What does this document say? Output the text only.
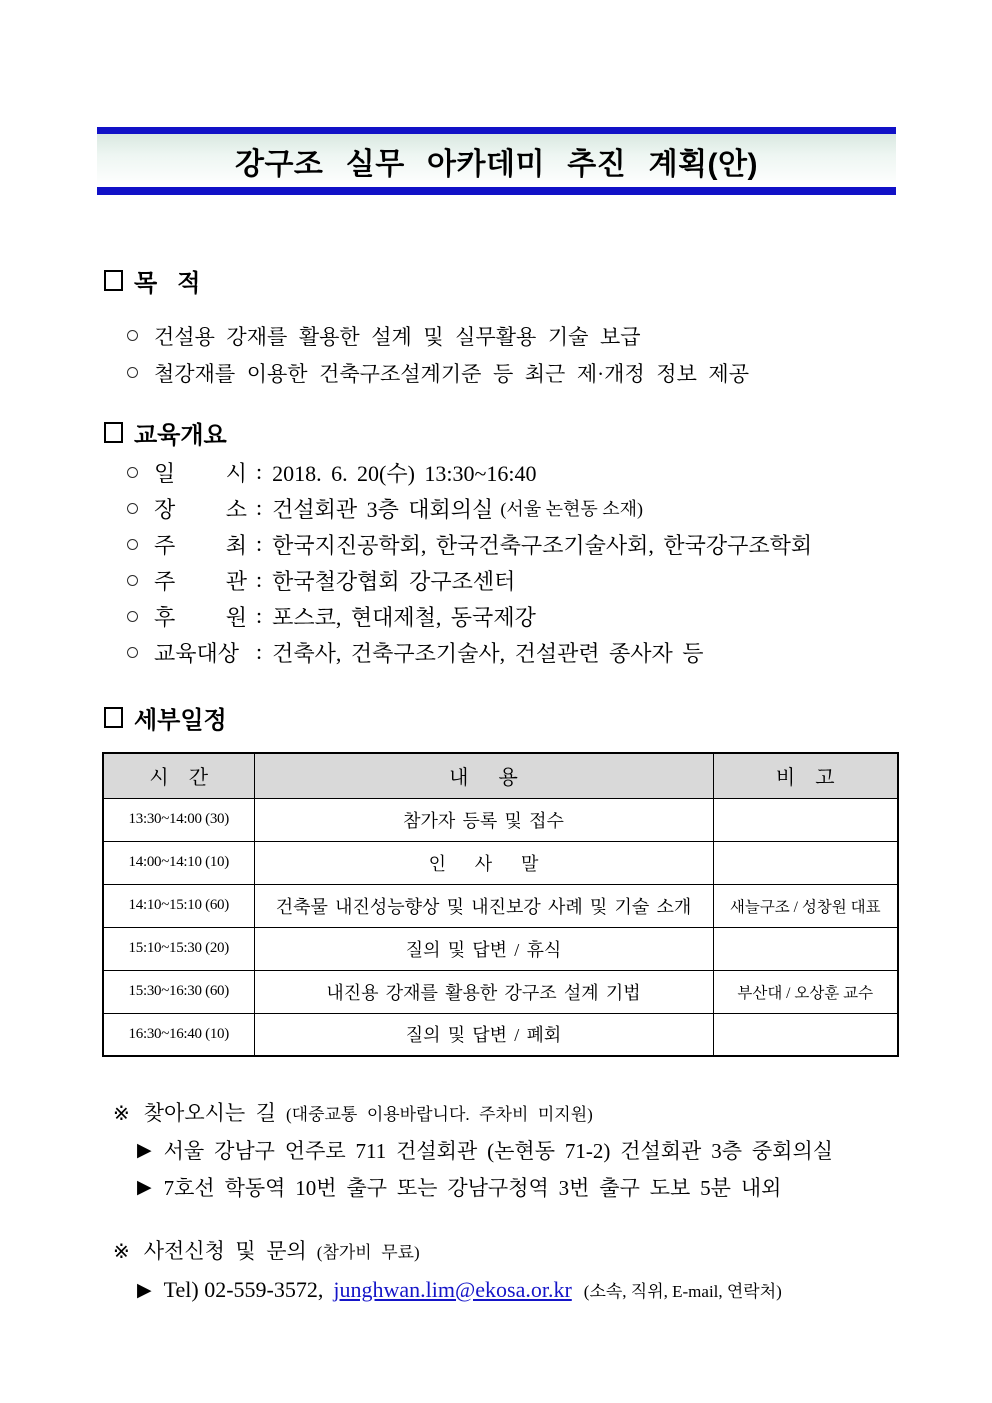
강구조 실무 아카데미 추진 계획(안)
목   적
건설용 강재를 활용한 설계 및 실무활용 기술 보급
철강재를 이용한 건축구조설계기준 등 최근 제·개정 정보 제공
교육개요
일 시 : 2018. 6. 20(수) 13:30~16:40
장 소 : 건설회관 3층 대회의실 (서울 논현동 소재)
주 최 : 한국지진공학회, 한국건축구조기술사회, 한국강구조학회
주 관 : 한국철강협회 강구조센터
후 원 : 포스코, 현대제철, 동국제강
교육대상 : 건축사, 건축구조기술사, 건설관련 종사자 등
세부일정
시    간	내      용	비    고
13:30~14:00 (30)	참가자 등록 및 접수	
14:00~14:10 (10)	인    사    말	
14:10~15:10 (60)	건축물 내진성능향상 및 내진보강 사례 및 기술 소개	새늘구조 / 성창원 대표
15:10~15:30 (20)	질의 및 답변 / 휴식	
15:30~16:30 (60)	내진용 강재를 활용한 강구조 설계 기법	부산대 / 오상훈 교수
16:30~16:40 (10)	질의 및 답변 / 폐회	
※ 찾아오시는 길 (대중교통 이용바랍니다. 주차비 미지원)
▶ 서울 강남구 언주로 711 건설회관 (논현동 71-2) 건설회관 3층 중회의실
▶ 7호선 학동역 10번 출구 또는 강남구청역 3번 출구 도보 5분 내외
※ 사전신청 및 문의 (참가비 무료)
▶ Tel) 02-559-3572, junghwan.lim@ekosa.or.kr (소속, 직위, E-mail, 연락처)
